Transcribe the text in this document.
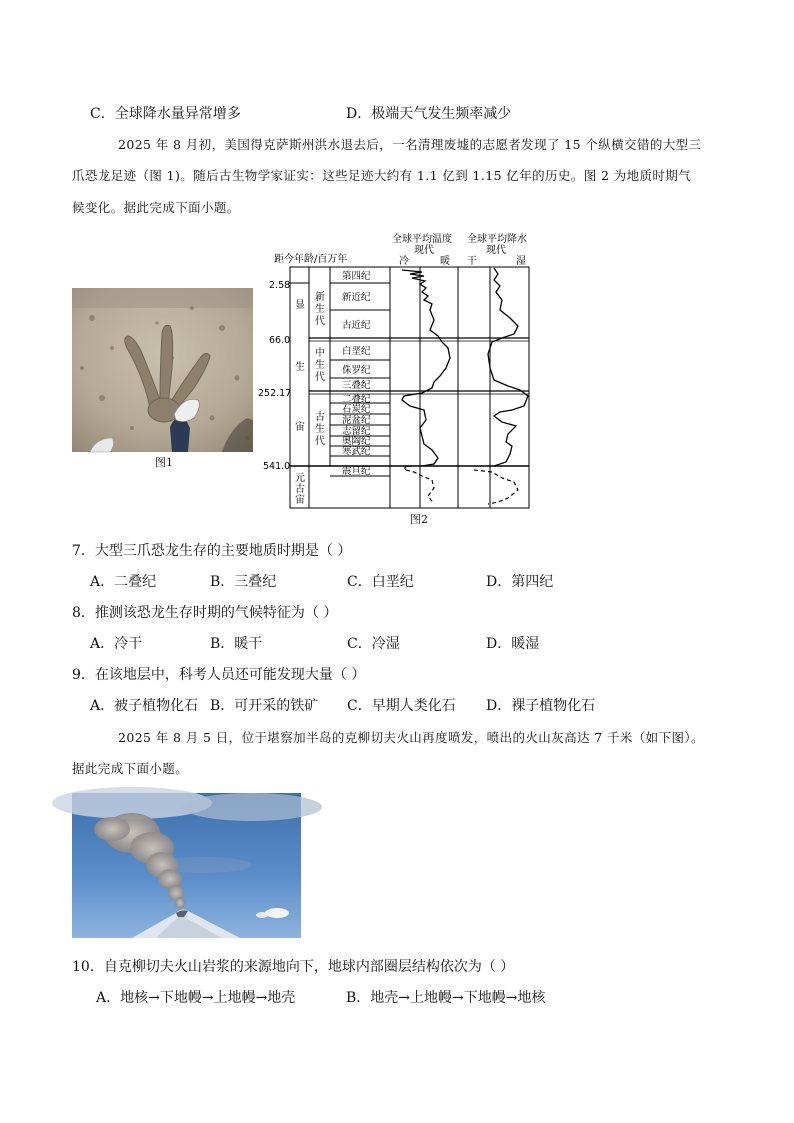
C．全球降水量异常增多	D．极端天气发生频率减少
2025 年 8 月初，美国得克萨斯州洪水退去后，一名清理废墟的志愿者发现了 15 个纵横交错的大型三
爪恐龙足迹（图 1)。随后古生物学家证实：这些足迹大约有 1.1 亿到 1.15 亿年的历史。图 2 为地质时期气
候变化。据此完成下面小题。
图1
全球平均温度
现代
全球平均降水
现代
距今年龄/百万年	冷	暖 干	湿
2.58
66.0
252.17
541.0
显
生
宙
元
古
宙
新
生
代
中
生
代
古
生
代
第四纪
新近纪
古近纪
白垩纪
侏罗纪
三叠纪
二叠纪
石炭纪
泥盆纪
志留纪
奥陶纪
寒武纪
震旦纪
图2
7．大型三爪恐龙生存的主要地质时期是（ ）
A．二叠纪	B．三叠纪	C．白垩纪	D．第四纪
8．推测该恐龙生存时期的气候特征为（ ）
A．冷干	B．暖干	C．冷湿	D．暖湿
9．在该地层中，科考人员还可能发现大量（ ）
A．被子植物化石 B．可开采的铁矿 C．早期人类化石 D．裸子植物化石
2025 年 8 月 5 日，位于堪察加半岛的克柳切夫火山再度喷发，喷出的火山灰高达 7 千米（如下图）。
据此完成下面小题。
10．自克柳切夫火山岩浆的来源地向下，地球内部圈层结构依次为（ ）
A．地核→下地幔→上地幔→地壳	B．地壳→上地幔→下地幔→地核
